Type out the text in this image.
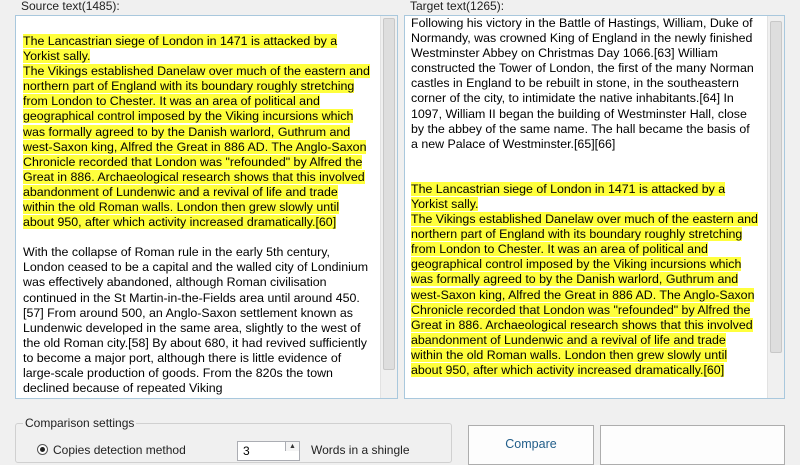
Source text(1485):

The Lancastrian siege of London in 1471 is attacked by a Yorkist sally.

The Vikings established Danelaw over much of the eastern and northern part of England with its boundary roughly stretching from London to Chester. It was an area of political and geographical control imposed by the Viking incursions which was formally agreed to by the Danish warlord, Guthrum and west-Saxon king, Alfred the Great in 886 AD. The Anglo-Saxon Chronicle recorded that London was "refounded" by Alfred the Great in 886. Archaeological research shows that this involved abandonment of Lundenwic and a revival of life and trade within the old Roman walls. London then grew slowly until about 950, after which activity increased dramatically.[60]

With the collapse of Roman rule in the early 5th century, London ceased to be a capital and the walled city of Londinium was effectively abandoned, although Roman civilisation continued in the St Martin-in-the-Fields area until around 450.[57] From around 500, an Anglo-Saxon settlement known as Lundenwic developed in the same area, slightly to the west of the old Roman city.[58] By about 680, it had revived sufficiently to become a major port, although there is little evidence of large-scale production of goods. From the 820s the town declined because of repeated Viking

Target text(1265):

Following his victory in the Battle of Hastings, William, Duke of Normandy, was crowned King of England in the newly finished Westminster Abbey on Christmas Day 1066.[63] William constructed the Tower of London, the first of the many Norman castles in England to be rebuilt in stone, in the southeastern corner of the city, to intimidate the native inhabitants.[64] In 1097, William II began the building of Westminster Hall, close by the abbey of the same name. The hall became the basis of a new Palace of Westminster.[65][66]

The Lancastrian siege of London in 1471 is attacked by a Yorkist sally.

The Vikings established Danelaw over much of the eastern and northern part of England with its boundary roughly stretching from London to Chester. It was an area of political and geographical control imposed by the Viking incursions which was formally agreed to by the Danish warlord, Guthrum and west-Saxon king, Alfred the Great in 886 AD. The Anglo-Saxon Chronicle recorded that London was "refounded" by Alfred the Great in 886. Archaeological research shows that this involved abandonment of Lundenwic and a revival of life and trade within the old Roman walls. London then grew slowly until about 950, after which activity increased dramatically.[60]

Comparison settings
Copies detection method	3	▲ Words in a shingle	Compare
